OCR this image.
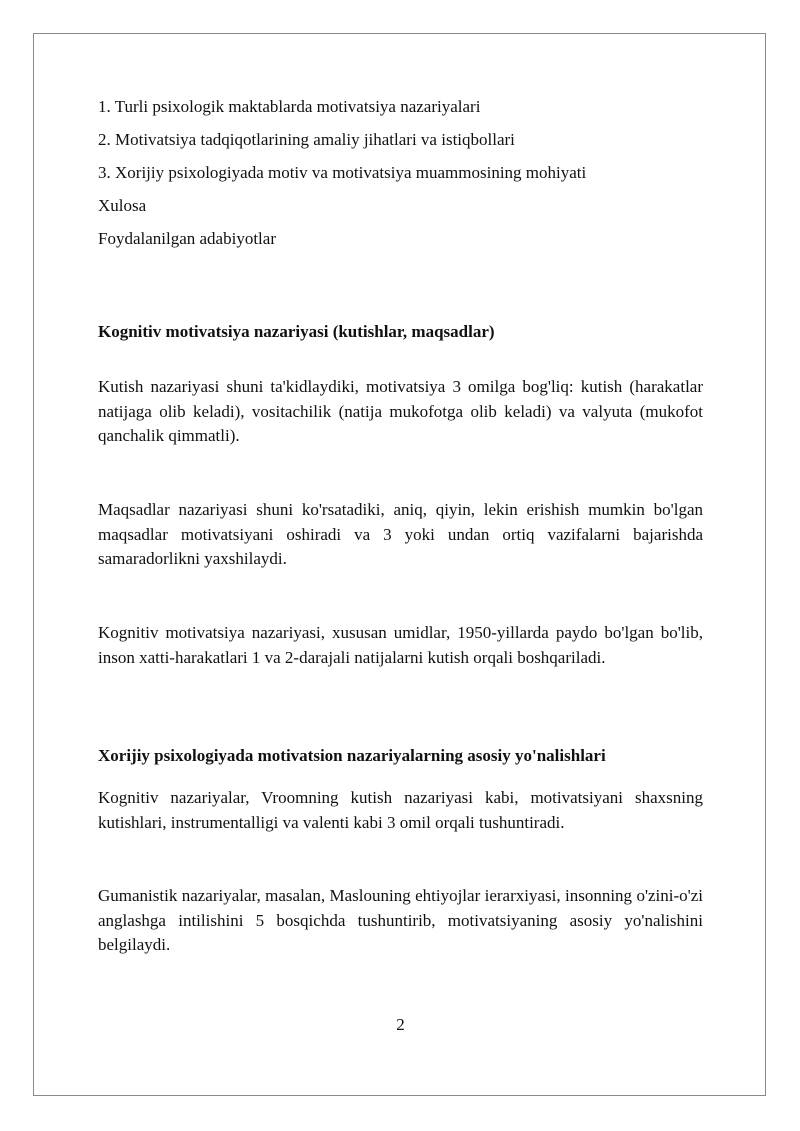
1. Turli psixologik maktablarda motivatsiya nazariyalari
2. Motivatsiya tadqiqotlarining amaliy jihatlari va istiqbollari
3. Xorijiy psixologiyada motiv va motivatsiya muammosining mohiyati
Xulosa
Foydalanilgan adabiyotlar
Kognitiv motivatsiya nazariyasi (kutishlar, maqsadlar)

Kutish nazariyasi shuni ta'kidlaydiki, motivatsiya 3 omilga bog'liq: kutish (harakatlar natijaga olib keladi), vositachilik (natija mukofotga olib keladi) va valyuta (mukofot qanchalik qimmatli).

Maqsadlar nazariyasi shuni ko'rsatadiki, aniq, qiyin, lekin erishish mumkin bo'lgan maqsadlar motivatsiyani oshiradi va 3 yoki undan ortiq vazifalarni bajarishda samaradorlikni yaxshilaydi.

Kognitiv motivatsiya nazariyasi, xususan umidlar, 1950-yillarda paydo bo'lgan bo'lib, inson xatti-harakatlari 1 va 2-darajali natijalarni kutish orqali boshqariladi.

Xorijiy psixologiyada motivatsion nazariyalarning asosiy yo'nalishlari

Kognitiv nazariyalar, Vroomning kutish nazariyasi kabi, motivatsiyani shaxsning kutishlari, instrumentalligi va valenti kabi 3 omil orqali tushuntiradi.

Gumanistik nazariyalar, masalan, Maslouning ehtiyojlar ierarxiyasi, insonning o'zini-o'zi anglashga intilishini 5 bosqichda tushuntirib, motivatsiyaning asosiy yo'nalishini belgilaydi.

2
